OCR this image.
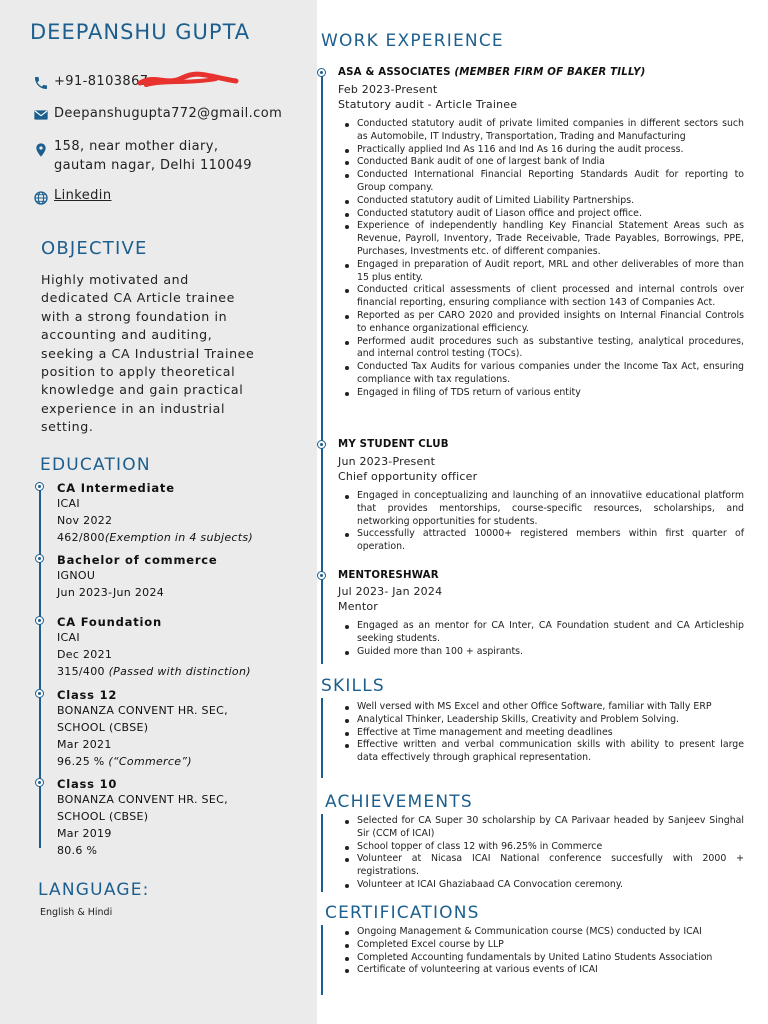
DEEPANSHU GUPTA
+91-8103867
Deepanshugupta772@gmail.com
158, near mother diary,
gautam nagar, Delhi 110049
Linkedin
OBJECTIVE
Highly motivated and
dedicated CA Article trainee
with a strong foundation in
accounting and auditing,
seeking a CA Industrial Trainee
position to apply theoretical
knowledge and gain practical
experience in an industrial
setting.
EDUCATION
CA Intermediate
ICAI
Nov 2022
462/800(Exemption in 4 subjects)
Bachelor of commerce
IGNOU
Jun 2023-Jun 2024
CA Foundation
ICAI
Dec 2021
315/400 (Passed with distinction)
Class 12
BONANZA CONVENT HR. SEC,
SCHOOL (CBSE)
Mar 2021
96.25 % (“Commerce”)
Class 10
BONANZA CONVENT HR. SEC,
SCHOOL (CBSE)
Mar 2019
80.6 %
LANGUAGE:
English & Hindi
WORK EXPERIENCE
ASA & ASSOCIATES (MEMBER FIRM OF BAKER TILLY)
Feb 2023-Present
Statutory audit - Article Trainee
Conducted statutory audit of private limited companies in different sectors such as Automobile, IT Industry, Transportation, Trading and Manufacturing
Practically applied Ind As 116 and Ind As 16 during the audit process.
Conducted Bank audit of one of largest bank of India
Conducted International Financial Reporting Standards Audit for reporting to Group company.
Conducted statutory audit of Limited Liability Partnerships.
Conducted statutory audit of Liason office and project office.
Experience of independently handling Key Financial Statement Areas such as Revenue, Payroll, Inventory, Trade Receivable, Trade Payables, Borrowings, PPE, Purchases, Investments etc. of different companies.
Engaged in preparation of Audit report, MRL and other deliverables of more than 15 plus entity.
Conducted critical assessments of client processed and internal controls over financial reporting, ensuring compliance with section 143 of Companies Act.
Reported as per CARO 2020 and provided insights on Internal Financial Controls to enhance organizational efficiency.
Performed audit procedures such as substantive testing, analytical procedures, and internal control testing (TOCs).
Conducted Tax Audits for various companies under the Income Tax Act, ensuring compliance with tax regulations.
Engaged in filing of TDS return of various entity
MY STUDENT CLUB
Jun 2023-Present
Chief opportunity officer
Engaged in conceptualizing and launching of an innovatiive educational platform that provides mentorships, course-specific resources, scholarships, and networking opportunities for students.
Successfully attracted 10000+ registered members within first quarter of operation.
MENTORESHWAR
Jul 2023- Jan 2024
Mentor
Engaged as an mentor for CA Inter, CA Foundation student and CA Articleship seeking students.
Guided more than 100 + aspirants.
SKILLS
Well versed with MS Excel and other Office Software, familiar with Tally ERP
Analytical Thinker, Leadership Skills, Creativity and Problem Solving.
Effective at Time management and meeting deadlines
Effective written and verbal communication skills with ability to present large data effectively through graphical representation.
ACHIEVEMENTS
Selected for CA Super 30 scholarship by CA Parivaar headed by Sanjeev Singhal Sir (CCM of ICAI)
School topper of class 12 with 96.25% in Commerce
Volunteer at Nicasa ICAI National conference succesfully with 2000 + registrations.
Volunteer at ICAI Ghaziabaad CA Convocation ceremony.
CERTIFICATIONS
Ongoing Management & Communication course (MCS) conducted by ICAI
Completed Excel course by LLP
Completed Accounting fundamentals by United Latino Students Association
Certificate of volunteering at various events of ICAI
